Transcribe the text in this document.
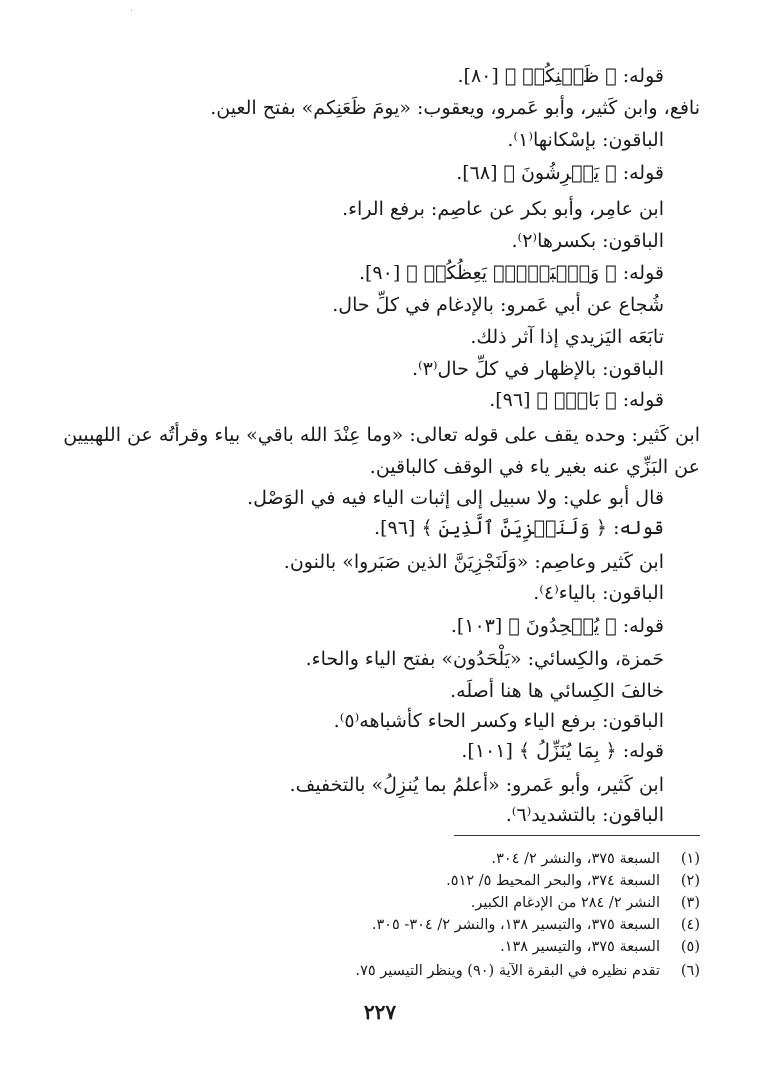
·
قوله: ﴿ ظَعۡنِكُمۡ ﴾ [٨٠].
نافع، وابن كَثير، وأبو عَمرو، ويعقوب: «يومَ ظَعَنِكم» بفتح العين.
الباقون: بإسْكانها⁽١⁾.
قوله: ﴿ يَعۡرِشُونَ ﴾ [٦٨].
ابن عامِر، وأبو بكر عن عاصِم: برفع الراء.
الباقون: بكسرها⁽٢⁾.
قوله: ﴿ وَٱلۡبَغۡيِۚ يَعِظُكُمۡ ﴾ [٩٠].
شُجاع عن أبي عَمرو: بالإدغام في كلِّ حال.
تابَعَه اليَزيدي إذا آثر ذلك.
الباقون: بالإظهار في كلِّ حال⁽٣⁾.
قوله: ﴿ بَاقٍۗ ﴾ [٩٦].
ابن كَثير: وحده يقف على قوله تعالى: «وما عِنْدَ الله باقي» بياء وقرأتُه عن اللهبيين
عن البَزِّي عنه بغير ياء في الوقف كالباقين.
قال أبو علي: ولا سبيل إلى إثبات الياء فيه في الوَصْل.
قوله: ﴿ وَلَنَجۡزِيَنَّ ٱلَّذِينَ ﴾ [٩٦].
ابن كَثير وعاصِم: «وَلَنَجْزِيَنَّ الذين صَبَروا» بالنون.
الباقون: بالياء⁽٤⁾.
قوله: ﴿ يُلۡحِدُونَ ﴾ [١٠٣].
حَمزة، والكِسائي: «يَلْحَدُون» بفتح الياء والحاء.
خالفَ الكِسائي ها هنا أصلَه.
الباقون: برفع الياء وكسر الحاء كأشباهه⁽٥⁾.
قوله: ﴿ بِمَا يُنَزِّلُ ﴾ [١٠١].
ابن كَثير، وأبو عَمرو: «أعلمُ بما يُنزِلُ» بالتخفيف.
الباقون: بالتشديد⁽٦⁾.
(١)السبعة ٣٧٥، والنشر ٢/ ٣٠٤.
(٢)السبعة ٣٧٤، والبحر المحيط ٥/ ٥١٢.
(٣)النشر ٢/ ٢٨٤ من الإدغام الكبير.
(٤)السبعة ٣٧٥، والتيسير ١٣٨، والنشر ٢/ ٣٠٤- ٣٠٥.
(٥)السبعة ٣٧٥، والتيسير ١٣٨.
(٦)تقدم نظيره في البقرة الآية (٩٠) وينظر التيسير ٧٥.
٢٢٧
